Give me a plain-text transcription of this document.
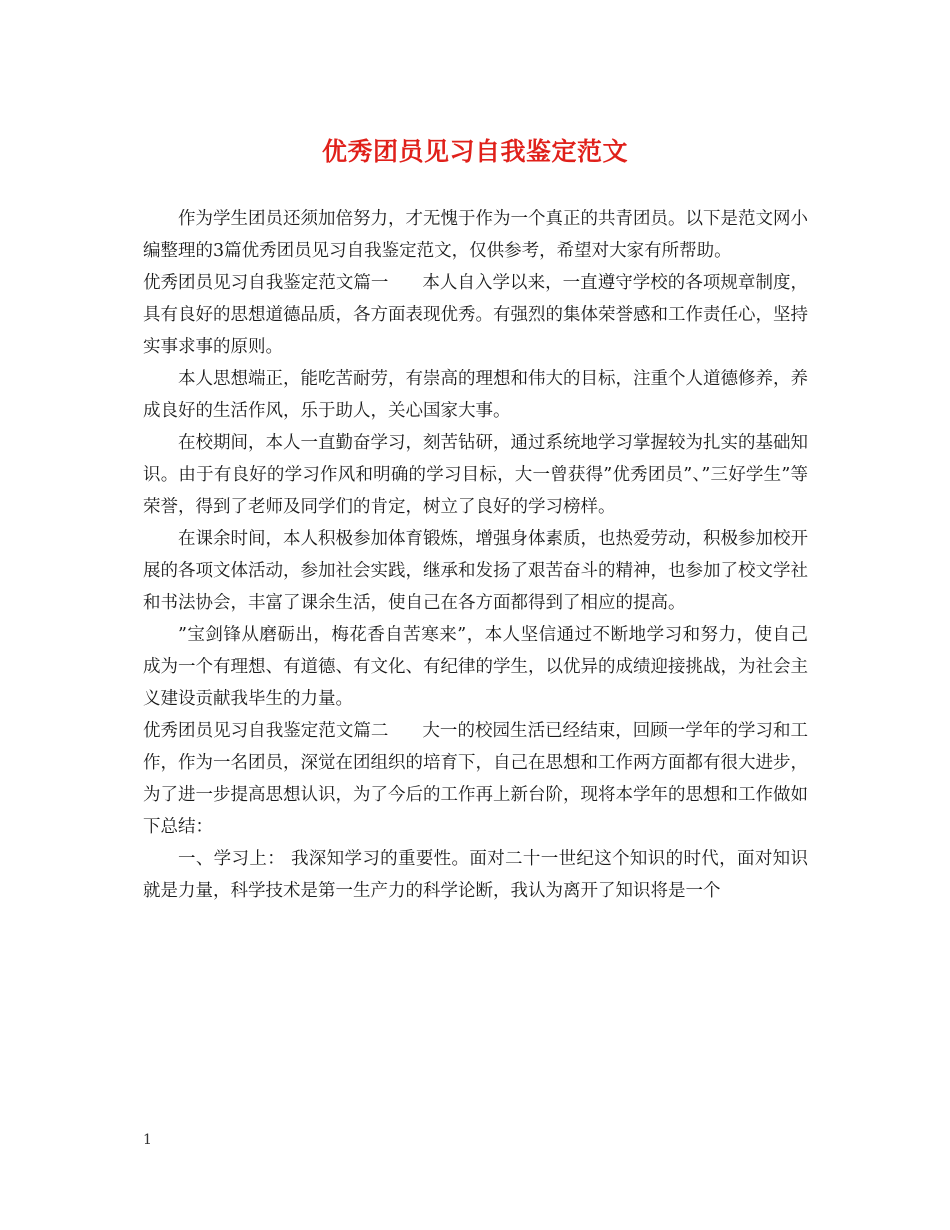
优秀团员见习自我鉴定范文

作为学生团员还须加倍努力，才无愧于作为一个真正的共青团员。以下是范文网小编整理的3篇优秀团员见习自我鉴定范文，仅供参考，希望对大家有所帮助。

优秀团员见习自我鉴定范文篇一 本人自入学以来，一直遵守学校的各项规章制度，具有良好的思想道德品质，各方面表现优秀。有强烈的集体荣誉感和工作责任心，坚持实事求事的原则。

本人思想端正，能吃苦耐劳，有崇高的理想和伟大的目标，注重个人道德修养，养成良好的生活作风，乐于助人，关心国家大事。

在校期间，本人一直勤奋学习，刻苦钻研，通过系统地学习掌握较为扎实的基础知识。由于有良好的学习作风和明确的学习目标，大一曾获得”优秀团员”、”三好学生”等荣誉，得到了老师及同学们的肯定，树立了良好的学习榜样。

在课余时间，本人积极参加体育锻炼，增强身体素质，也热爱劳动，积极参加校开展的各项文体活动，参加社会实践，继承和发扬了艰苦奋斗的精神，也参加了校文学社和书法协会，丰富了课余生活，使自己在各方面都得到了相应的提高。

”宝剑锋从磨砺出，梅花香自苦寒来”，本人坚信通过不断地学习和努力，使自己成为一个有理想、有道德、有文化、有纪律的学生，以优异的成绩迎接挑战，为社会主义建设贡献我毕生的力量。

优秀团员见习自我鉴定范文篇二 大一的校园生活已经结束，回顾一学年的学习和工作，作为一名团员，深觉在团组织的培育下，自己在思想和工作两方面都有很大进步，为了进一步提高思想认识，为了今后的工作再上新台阶，现将本学年的思想和工作做如下总结：

一、学习上： 我深知学习的重要性。面对二十一世纪这个知识的时代，面对知识就是力量，科学技术是第一生产力的科学论断，我认为离开了知识将是一个

1
